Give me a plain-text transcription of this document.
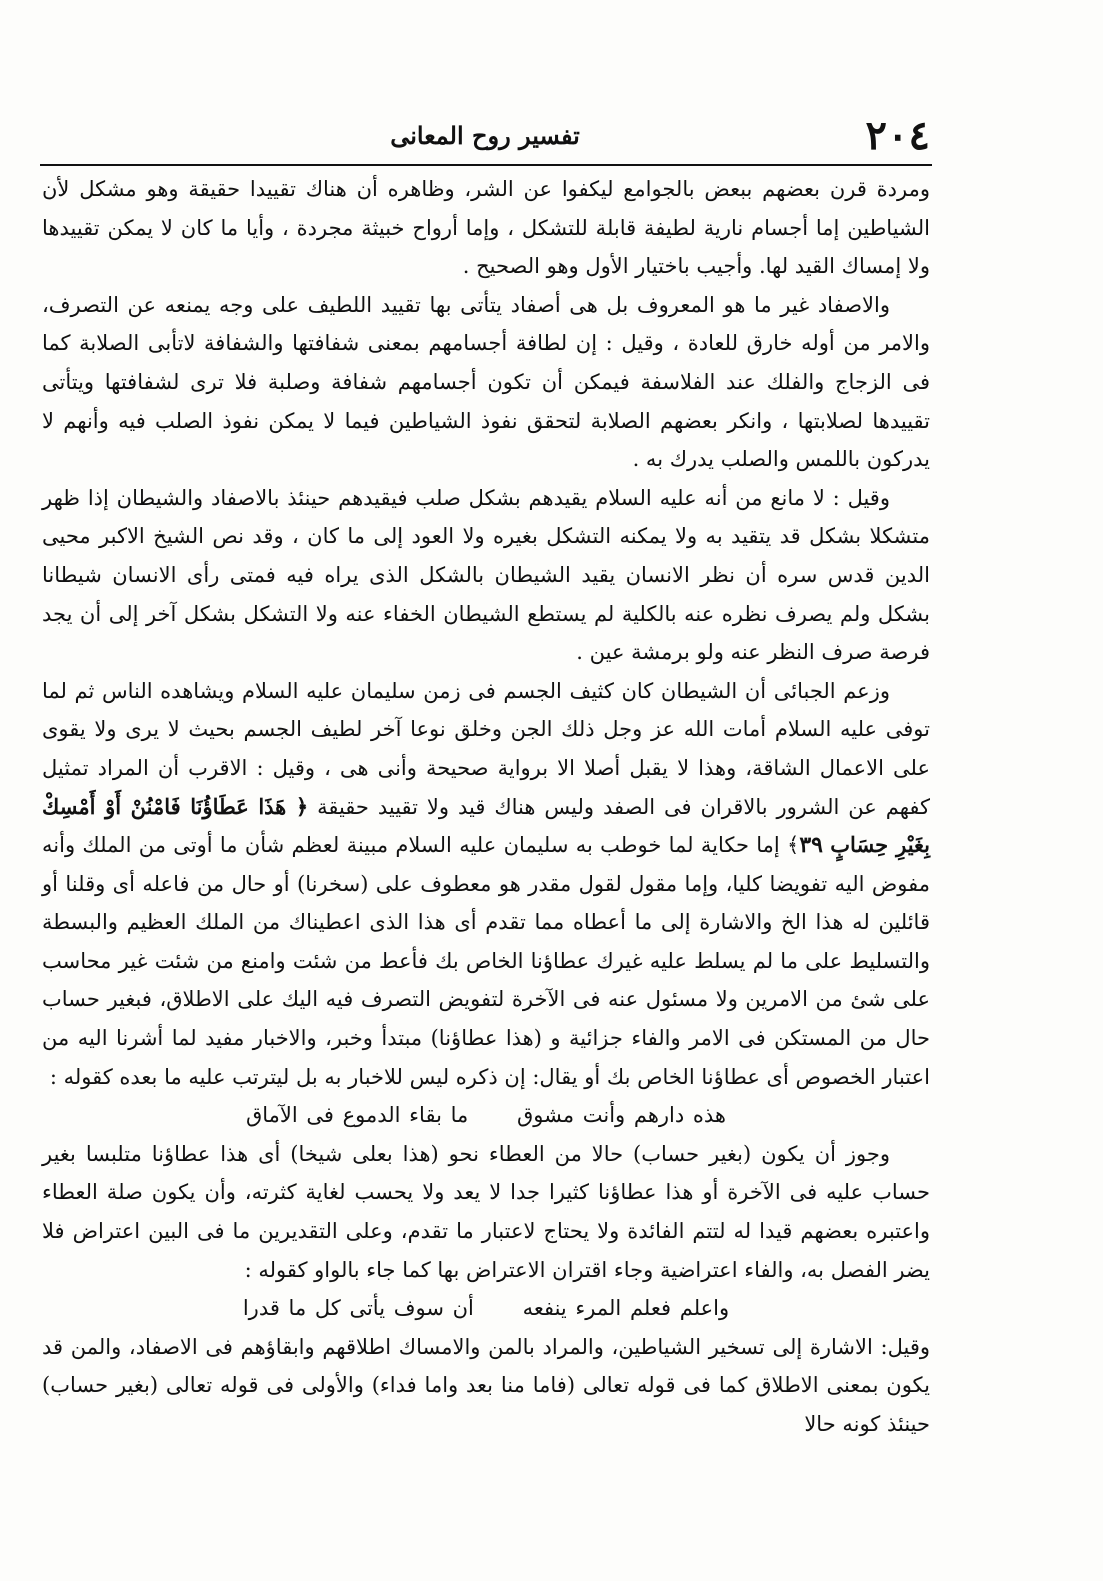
٢٠٤
تفسير روح المعانى

ومردة قرن بعضهم ببعض بالجوامع ليكفوا عن الشر، وظاهره أن هناك تقييدا حقيقة وهو مشكل لأن الشياطين إما أجسام نارية لطيفة قابلة للتشكل ، وإما أرواح خبيثة مجردة ، وأيا ما كان لا يمكن تقييدها ولا إمساك القيد لها. وأجيب باختيار الأول وهو الصحيح .

والاصفاد غير ما هو المعروف بل هى أصفاد يتأتى بها تقييد اللطيف على وجه يمنعه عن التصرف، والامر من أوله خارق للعادة ، وقيل : إن لطافة أجسامهم بمعنى شفافتها والشفافة لاتأبى الصلابة كما فى الزجاج والفلك عند الفلاسفة فيمكن أن تكون أجسامهم شفافة وصلبة فلا ترى لشفافتها ويتأتى تقييدها لصلابتها ، وانكر بعضهم الصلابة لتحقق نفوذ الشياطين فيما لا يمكن نفوذ الصلب فيه وأنهم لا يدركون باللمس والصلب يدرك به .

وقيل : لا مانع من أنه عليه السلام يقيدهم بشكل صلب فيقيدهم حينئذ بالاصفاد والشيطان إذا ظهر متشكلا بشكل قد يتقيد به ولا يمكنه التشكل بغيره ولا العود إلى ما كان ، وقد نص الشيخ الاكبر محيى الدين قدس سره أن نظر الانسان يقيد الشيطان بالشكل الذى يراه فيه فمتى رأى الانسان شيطانا بشكل ولم يصرف نظره عنه بالكلية لم يستطع الشيطان الخفاء عنه ولا التشكل بشكل آخر إلى أن يجد فرصة صرف النظر عنه ولو برمشة عين .

وزعم الجبائى أن الشيطان كان كثيف الجسم فى زمن سليمان عليه السلام ويشاهده الناس ثم لما توفى عليه السلام أمات الله عز وجل ذلك الجن وخلق نوعا آخر لطيف الجسم بحيث لا يرى ولا يقوى على الاعمال الشاقة، وهذا لا يقبل أصلا الا برواية صحيحة وأنى هى ، وقيل : الاقرب أن المراد تمثيل كفهم عن الشرور بالاقران فى الصفد وليس هناك قيد ولا تقييد حقيقة ﴿ هَذَا عَطَاؤُنَا فَامْنُنْ أَوْ أَمْسِكْ بِغَيْرِ حِسَابٍ ٣٩﴾ إما حكاية لما خوطب به سليمان عليه السلام مبينة لعظم شأن ما أوتى من الملك وأنه مفوض اليه تفويضا كليا، وإما مقول لقول مقدر هو معطوف على (سخرنا) أو حال من فاعله أى وقلنا أو قائلين له هذا الخ والاشارة إلى ما أعطاه مما تقدم أى هذا الذى اعطيناك من الملك العظيم والبسطة والتسليط على ما لم يسلط عليه غيرك عطاؤنا الخاص بك فأعط من شئت وامنع من شئت غير محاسب على شئ من الامرين ولا مسئول عنه فى الآخرة لتفويض التصرف فيه اليك على الاطلاق، فبغير حساب حال من المستكن فى الامر والفاء جزائية و (هذا عطاؤنا) مبتدأ وخبر، والاخبار مفيد لما أشرنا اليه من اعتبار الخصوص أى عطاؤنا الخاص بك أو يقال: إن ذكره ليس للاخبار به بل ليترتب عليه ما بعده كقوله :

هذه دارهم وأنت مشوق ما بقاء الدموع فى الآماق

وجوز أن يكون (بغير حساب) حالا من العطاء نحو (هذا بعلى شيخا) أى هذا عطاؤنا متلبسا بغير حساب عليه فى الآخرة أو هذا عطاؤنا كثيرا جدا لا يعد ولا يحسب لغاية كثرته، وأن يكون صلة العطاء واعتبره بعضهم قيدا له لتتم الفائدة ولا يحتاج لاعتبار ما تقدم، وعلى التقديرين ما فى البين اعتراض فلا يضر الفصل به، والفاء اعتراضية وجاء اقتران الاعتراض بها كما جاء بالواو كقوله :

واعلم فعلم المرء ينفعه أن سوف يأتى كل ما قدرا

وقيل: الاشارة إلى تسخير الشياطين، والمراد بالمن والامساك اطلاقهم وابقاؤهم فى الاصفاد، والمن قد يكون بمعنى الاطلاق كما فى قوله تعالى (فاما منا بعد واما فداء) والأولى فى قوله تعالى (بغير حساب) حينئذ كونه حالا
